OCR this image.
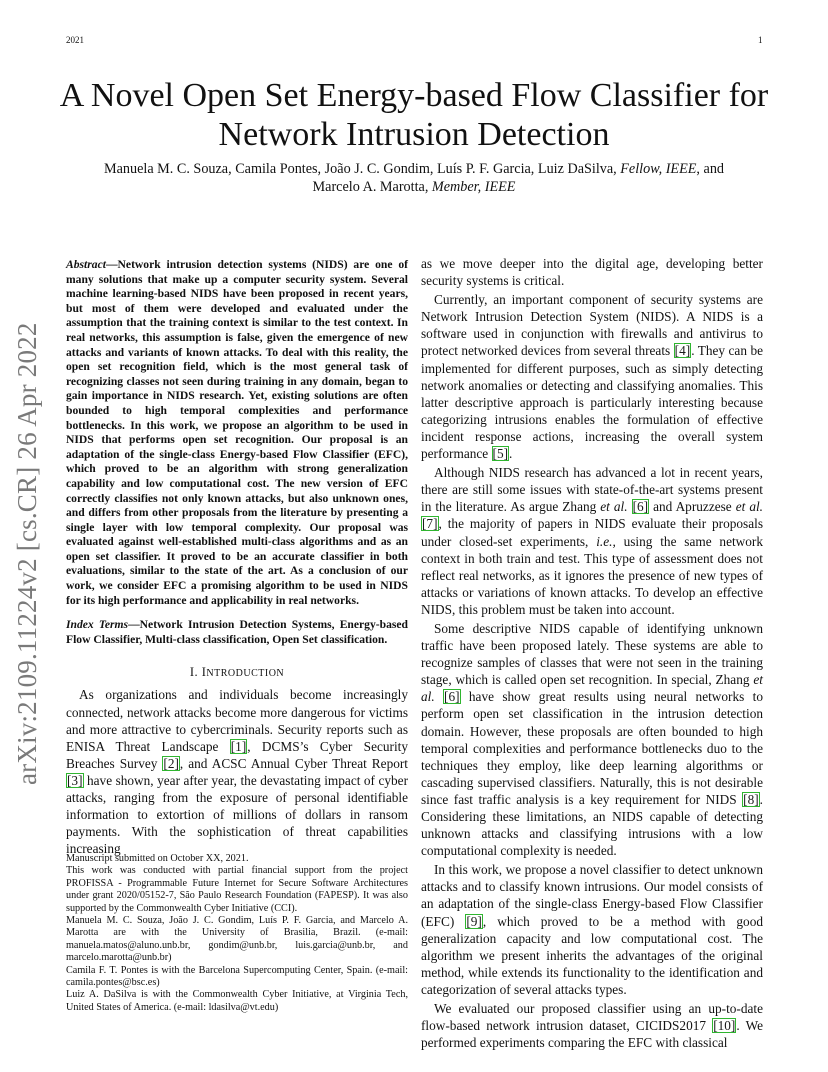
2021	1
arXiv:2109.11224v2 [cs.CR] 26 Apr 2022
A Novel Open Set Energy-based Flow Classifier for
Network Intrusion Detection
Manuela M. C. Souza, Camila Pontes, João J. C. Gondim, Luís P. F. Garcia, Luiz DaSilva, Fellow, IEEE, and
Marcelo A. Marotta, Member, IEEE

Abstract—Network intrusion detection systems (NIDS) are one of many solutions that make up a computer security system. Several machine learning-based NIDS have been proposed in recent years, but most of them were developed and evaluated under the assumption that the training context is similar to the test context. In real networks, this assumption is false, given the emergence of new attacks and variants of known attacks. To deal with this reality, the open set recognition field, which is the most general task of recognizing classes not seen during training in any domain, began to gain importance in NIDS research. Yet, existing solutions are often bounded to high temporal complexities and performance bottlenecks. In this work, we propose an algorithm to be used in NIDS that performs open set recognition. Our proposal is an adaptation of the single-class Energy-based Flow Classifier (EFC), which proved to be an algorithm with strong generalization capability and low computational cost. The new version of EFC correctly classifies not only known attacks, but also unknown ones, and differs from other proposals from the literature by presenting a single layer with low temporal complexity. Our proposal was evaluated against well-established multi-class algorithms and as an open set classifier. It proved to be an accurate classifier in both evaluations, similar to the state of the art. As a conclusion of our work, we consider EFC a promising algorithm to be used in NIDS for its high performance and applicability in real networks.

Index Terms—Network Intrusion Detection Systems, Energy-based Flow Classifier, Multi-class classification, Open Set classification.

I. INTRODUCTION

As organizations and individuals become increasingly connected, network attacks become more dangerous for victims and more attractive to cybercriminals. Security reports such as ENISA Threat Landscape [1], DCMS’s Cyber Security Breaches Survey [2], and ACSC Annual Cyber Threat Report [3] have shown, year after year, the devastating impact of cyber attacks, ranging from the exposure of personal identifiable information to extortion of millions of dollars in ransom payments. With the sophistication of threat capabilities increasing

Manuscript submitted on October XX, 2021.

This work was conducted with partial financial support from the project PROFISSA - Programmable Future Internet for Secure Software Architectures under grant 2020/05152-7, São Paulo Research Foundation (FAPESP). It was also supported by the Commonwealth Cyber Initiative (CCI).

Manuela M. C. Souza, João J. C. Gondim, Luís P. F. Garcia, and Marcelo A. Marotta are with the University of Brasilia, Brazil. (e-mail: manuela.matos@aluno.unb.br, gondim@unb.br, luis.garcia@unb.br, and marcelo.marotta@unb.br)

Camila F. T. Pontes is with the Barcelona Supercomputing Center, Spain. (e-mail: camila.pontes@bsc.es)

Luiz A. DaSilva is with the Commonwealth Cyber Initiative, at Virginia Tech, United States of America. (e-mail: ldasilva@vt.edu)

as we move deeper into the digital age, developing better security systems is critical.

Currently, an important component of security systems are Network Intrusion Detection System (NIDS). A NIDS is a software used in conjunction with firewalls and antivirus to protect networked devices from several threats [4]. They can be implemented for different purposes, such as simply detecting network anomalies or detecting and classifying anomalies. This latter descriptive approach is particularly interesting because categorizing intrusions enables the formulation of effective incident response actions, increasing the overall system performance [5].

Although NIDS research has advanced a lot in recent years, there are still some issues with state-of-the-art systems present in the literature. As argue Zhang et al. [6] and Apruzzese et al. [7], the majority of papers in NIDS evaluate their proposals under closed-set experiments, i.e., using the same network context in both train and test. This type of assessment does not reflect real networks, as it ignores the presence of new types of attacks or variations of known attacks. To develop an effective NIDS, this problem must be taken into account.

Some descriptive NIDS capable of identifying unknown traffic have been proposed lately. These systems are able to recognize samples of classes that were not seen in the training stage, which is called open set recognition. In special, Zhang et al. [6] have show great results using neural networks to perform open set classification in the intrusion detection domain. However, these proposals are often bounded to high temporal complexities and performance bottlenecks duo to the techniques they employ, like deep learning algorithms or cascading supervised classifiers. Naturally, this is not desirable since fast traffic analysis is a key requirement for NIDS [8]. Considering these limitations, an NIDS capable of detecting unknown attacks and classifying intrusions with a low computational complexity is needed.

In this work, we propose a novel classifier to detect unknown attacks and to classify known intrusions. Our model consists of an adaptation of the single-class Energy-based Flow Classifier (EFC) [9], which proved to be a method with good generalization capacity and low computational cost. The algorithm we present inherits the advantages of the original method, while extends its functionality to the identification and categorization of several attacks types.

We evaluated our proposed classifier using an up-to-date flow-based network intrusion dataset, CICIDS2017 [10]. We performed experiments comparing the EFC with classical
